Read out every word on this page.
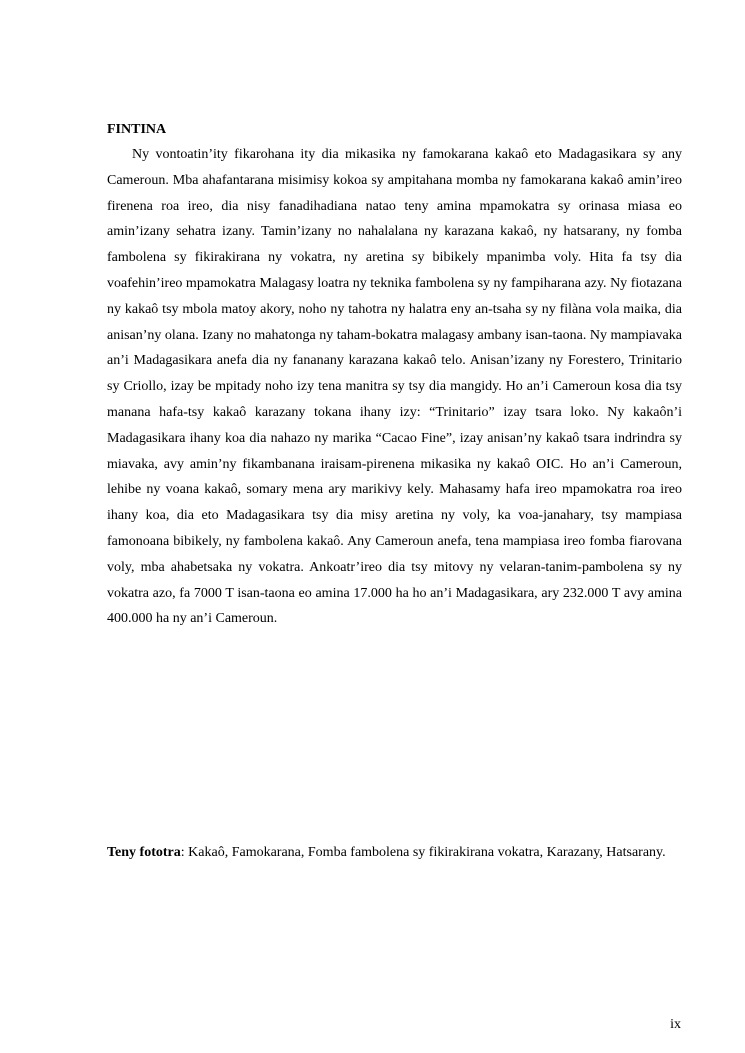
FINTINA

Ny vontoatin’ity fikarohana ity dia mikasika ny famokarana kakaô eto Madagasikara sy any Cameroun. Mba ahafantarana misimisy kokoa sy ampitahana momba ny famokarana kakaô amin’ireo firenena roa ireo, dia nisy fanadihadiana natao teny amina mpamokatra sy orinasa miasa eo amin’izany sehatra izany. Tamin’izany no nahalalana ny karazana kakaô, ny hatsarany, ny fomba fambolena sy fikirakirana ny vokatra, ny aretina sy bibikely mpanimba voly. Hita fa tsy dia voafehin’ireo mpamokatra Malagasy loatra ny teknika fambolena sy ny fampiharana azy. Ny fiotazana ny kakaô tsy mbola matoy akory, noho ny tahotra ny halatra eny an-tsaha sy ny filàna vola maika, dia anisan’ny olana. Izany no mahatonga ny taham-bokatra malagasy ambany isan-taona. Ny mampiavaka an’i Madagasikara anefa dia ny fananany karazana kakaô telo. Anisan’izany ny Forestero, Trinitario sy Criollo, izay be mpitady noho izy tena manitra sy tsy dia mangidy. Ho an’i Cameroun kosa dia tsy manana hafa-tsy kakaô karazany tokana ihany izy: “Trinitario” izay tsara loko. Ny kakaôn’i Madagasikara ihany koa dia nahazo ny marika “Cacao Fine”, izay anisan’ny kakaô tsara indrindra sy miavaka, avy amin’ny fikambanana iraisam-pirenena mikasika ny kakaô OIC. Ho an’i Cameroun, lehibe ny voana kakaô, somary mena ary marikivy kely. Mahasamy hafa ireo mpamokatra roa ireo ihany koa, dia eto Madagasikara tsy dia misy aretina ny voly, ka voa-janahary, tsy mampiasa famonoana bibikely, ny fambolena kakaô. Any Cameroun anefa, tena mampiasa ireo fomba fiarovana voly, mba ahabetsaka ny vokatra. Ankoatr’ireo dia tsy mitovy ny velaran-tanim-pambolena sy ny vokatra azo, fa 7000 T isan-taona eo amina 17.000 ha ho an’i Madagasikara, ary 232.000 T avy amina 400.000 ha ny an’i Cameroun.

Teny fototra: Kakaô, Famokarana, Fomba fambolena sy fikirakirana vokatra, Karazany, Hatsarany.

ix
